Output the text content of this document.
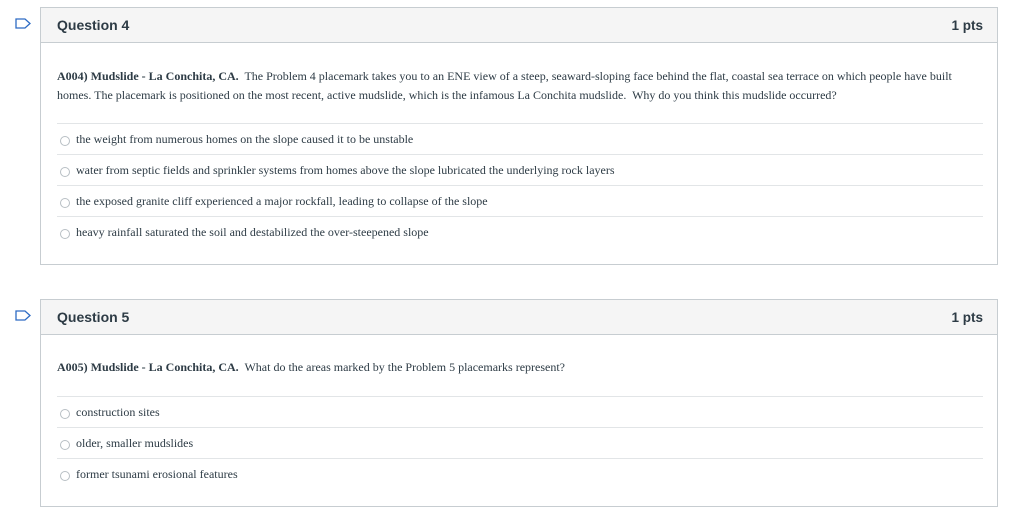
Question 4	1 pts

A004) Mudslide - La Conchita, CA.  The Problem 4 placemark takes you to an ENE view of a steep, seaward-sloping face behind the flat, coastal sea terrace on which people have built homes. The placemark is positioned on the most recent, active mudslide, which is the infamous La Conchita mudslide.  Why do you think this mudslide occurred?

the weight from numerous homes on the slope caused it to be unstable
water from septic fields and sprinkler systems from homes above the slope lubricated the underlying rock layers
the exposed granite cliff experienced a major rockfall, leading to collapse of the slope
heavy rainfall saturated the soil and destabilized the over-steepened slope
Question 5	1 pts

A005) Mudslide - La Conchita, CA.  What do the areas marked by the Problem 5 placemarks represent?

construction sites
older, smaller mudslides
former tsunami erosional features
